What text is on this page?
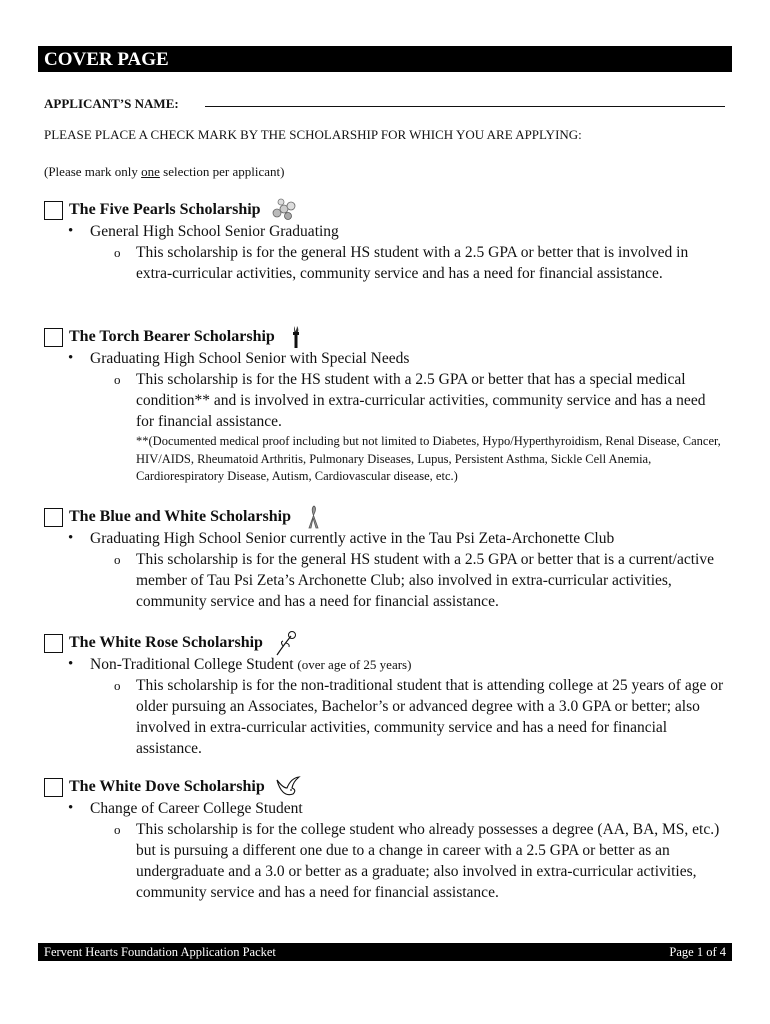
COVER PAGE
APPLICANT’S NAME:
PLEASE PLACE A CHECK MARK BY THE SCHOLARSHIP FOR WHICH YOU ARE APPLYING:
(Please mark only one selection per applicant)
The Five Pearls Scholarship
• General High School Senior Graduating
o This scholarship is for the general HS student with a 2.5 GPA or better that is involved in extra-curricular activities, community service and has a need for financial assistance.
The Torch Bearer Scholarship
• Graduating High School Senior with Special Needs
o This scholarship is for the HS student with a 2.5 GPA or better that has a special medical condition** and is involved in extra-curricular activities, community service and has a need for financial assistance.
**(Documented medical proof including but not limited to Diabetes, Hypo/Hyperthyroidism, Renal Disease, Cancer, HIV/AIDS, Rheumatoid Arthritis, Pulmonary Diseases, Lupus, Persistent Asthma, Sickle Cell Anemia, Cardiorespiratory Disease, Autism, Cardiovascular disease, etc.)
The Blue and White Scholarship
• Graduating High School Senior currently active in the Tau Psi Zeta-Archonette Club
o This scholarship is for the general HS student with a 2.5 GPA or better that is a current/active member of Tau Psi Zeta’s Archonette Club; also involved in extra-curricular activities, community service and has a need for financial assistance.
The White Rose Scholarship
• Non-Traditional College Student (over age of 25 years)
o This scholarship is for the non-traditional student that is attending college at 25 years of age or older pursuing an Associates, Bachelor’s or advanced degree with a 3.0 GPA or better; also involved in extra-curricular activities, community service and has a need for financial assistance.
The White Dove Scholarship
• Change of Career College Student
o This scholarship is for the college student who already possesses a degree (AA, BA, MS, etc.) but is pursuing a different one due to a change in career with a 2.5 GPA or better as an undergraduate and a 3.0 or better as a graduate; also involved in extra-curricular activities, community service and has a need for financial assistance.
Fervent Hearts Foundation Application Packet	Page 1 of 4
